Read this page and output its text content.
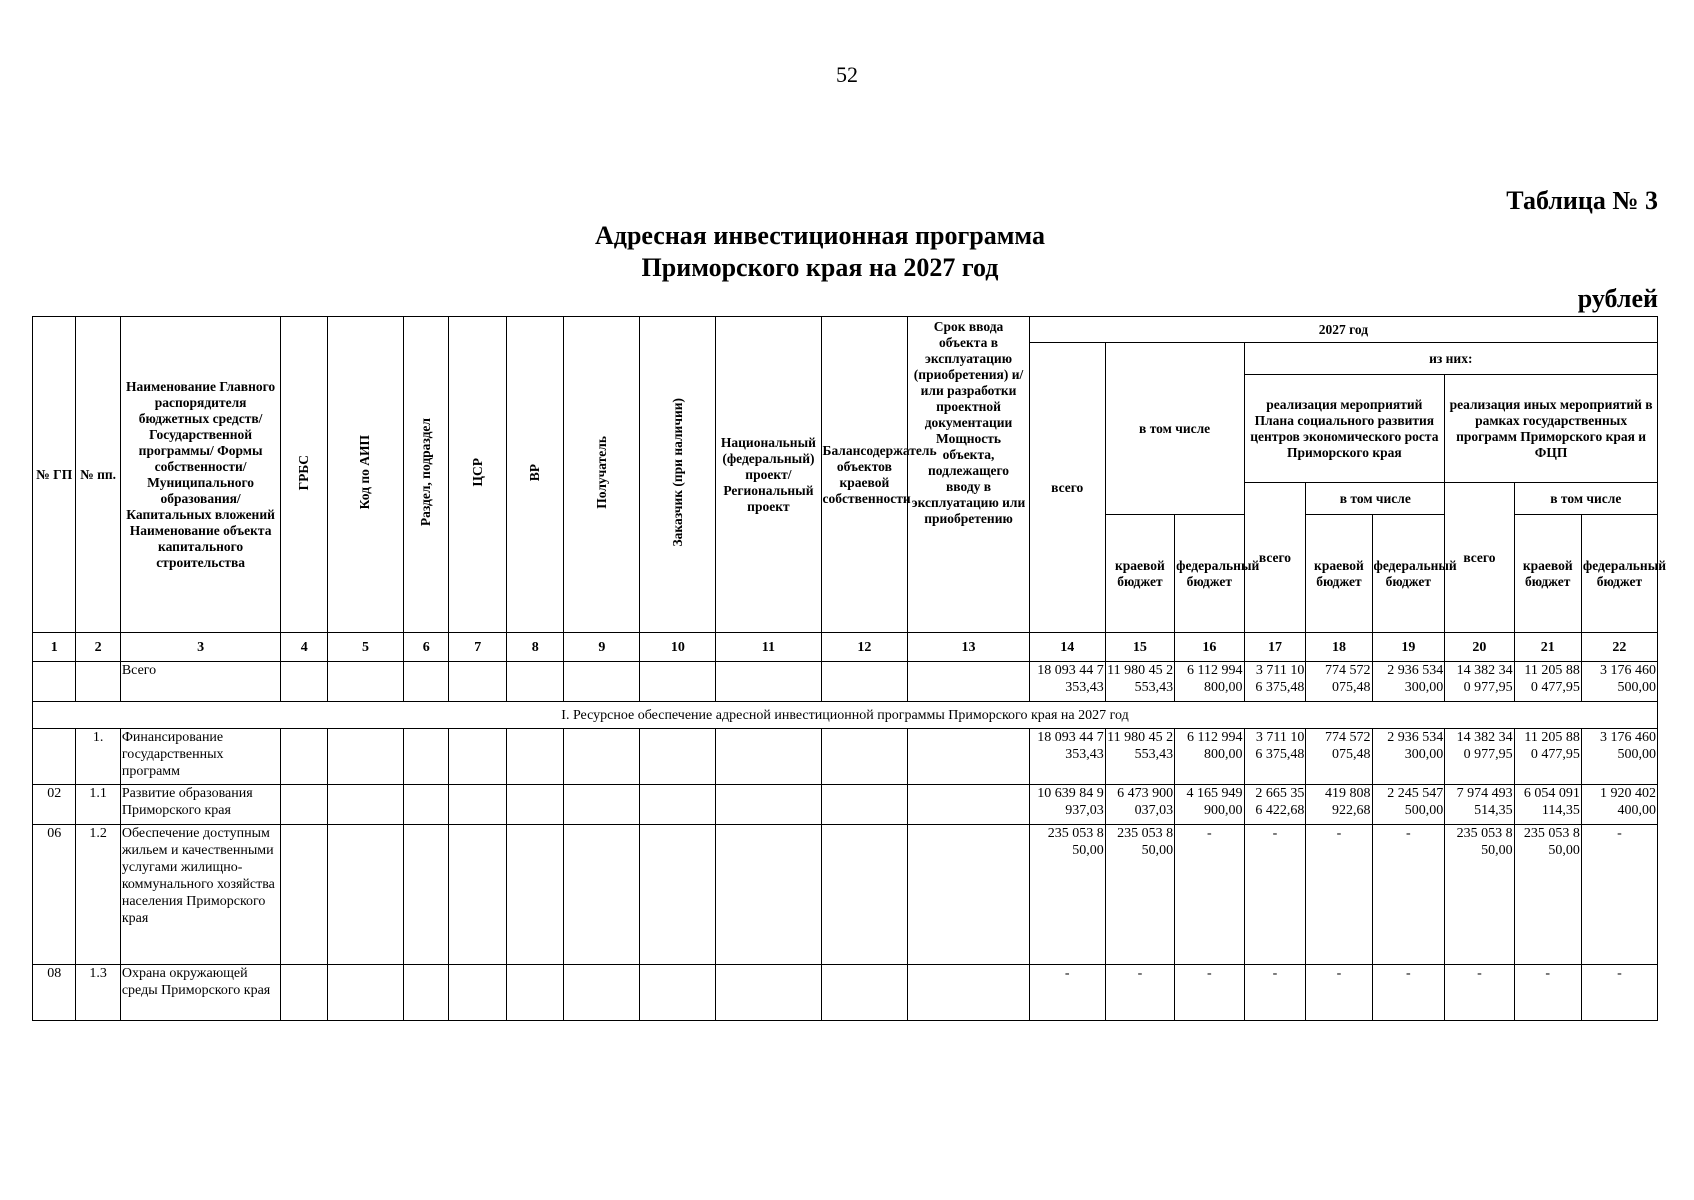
52
Таблица № 3
Адресная инвестиционная программа
Приморского края на 2027 год
рублей
№ ГП	№ пп.	Наименование Главного распорядителя бюджетных средств/Государственной программы/ Формы собственности/Муниципального образования/Капитальных вложений Наименование объекта капитального строительства	ГРБС	Код по АИП	Раздел, подраздел	ЦСР	ВР	Получатель	Заказчик (при наличии)	Национальный (федеральный) проект/ Региональный проект	Балансодержатель объектов краевой собственности	Срок ввода объекта в эксплуатацию (приобретения) и/или разработки проектной документации Мощность объекта, подлежащего вводу в эксплуатацию или приобретению	2027 год								
													всего	в том числе		из них:					
																реализация мероприятий Плана социального развития центров экономического роста Приморского края			реализация иных мероприятий в рамках государственных программ Приморского края и ФЦП		
																всего	в том числе		всего	в том числе	
														краевой бюджет	федеральный бюджет		краевой бюджет	федеральный бюджет		краевой бюджет	федеральный бюджет
1	2	3	4	5	6	7	8	9	10	11	12	13	14	15	16	17	18	19	20	21	22
		Всего											18 093 44 7 353,43	11 980 45 2 553,43	6 112 994 800,00	3 711 10 6 375,48	774 572 075,48	2 936 534 300,00	14 382 34 0 977,95	11 205 88 0 477,95	3 176 460 500,00
I. Ресурсное обеспечение адресной инвестиционной программы Приморского края на 2027 год																					
	1.	Финансирование государственных программ											18 093 44 7 353,43	11 980 45 2 553,43	6 112 994 800,00	3 711 10 6 375,48	774 572 075,48	2 936 534 300,00	14 382 34 0 977,95	11 205 88 0 477,95	3 176 460 500,00
02	1.1	Развитие образования Приморского края											10 639 84 9 937,03	6 473 900 037,03	4 165 949 900,00	2 665 35 6 422,68	419 808 922,68	2 245 547 500,00	7 974 493 514,35	6 054 091 114,35	1 920 402 400,00
06	1.2	Обеспечение доступным жильем и качественными услугами жилищно-коммунального хозяйства населения Приморского края											235 053 8 50,00	235 053 8 50,00	-	-	-	-	235 053 8 50,00	235 053 8 50,00	-
08	1.3	Охрана окружающей среды Приморского края											-	-	-	-	-	-	-	-	-
